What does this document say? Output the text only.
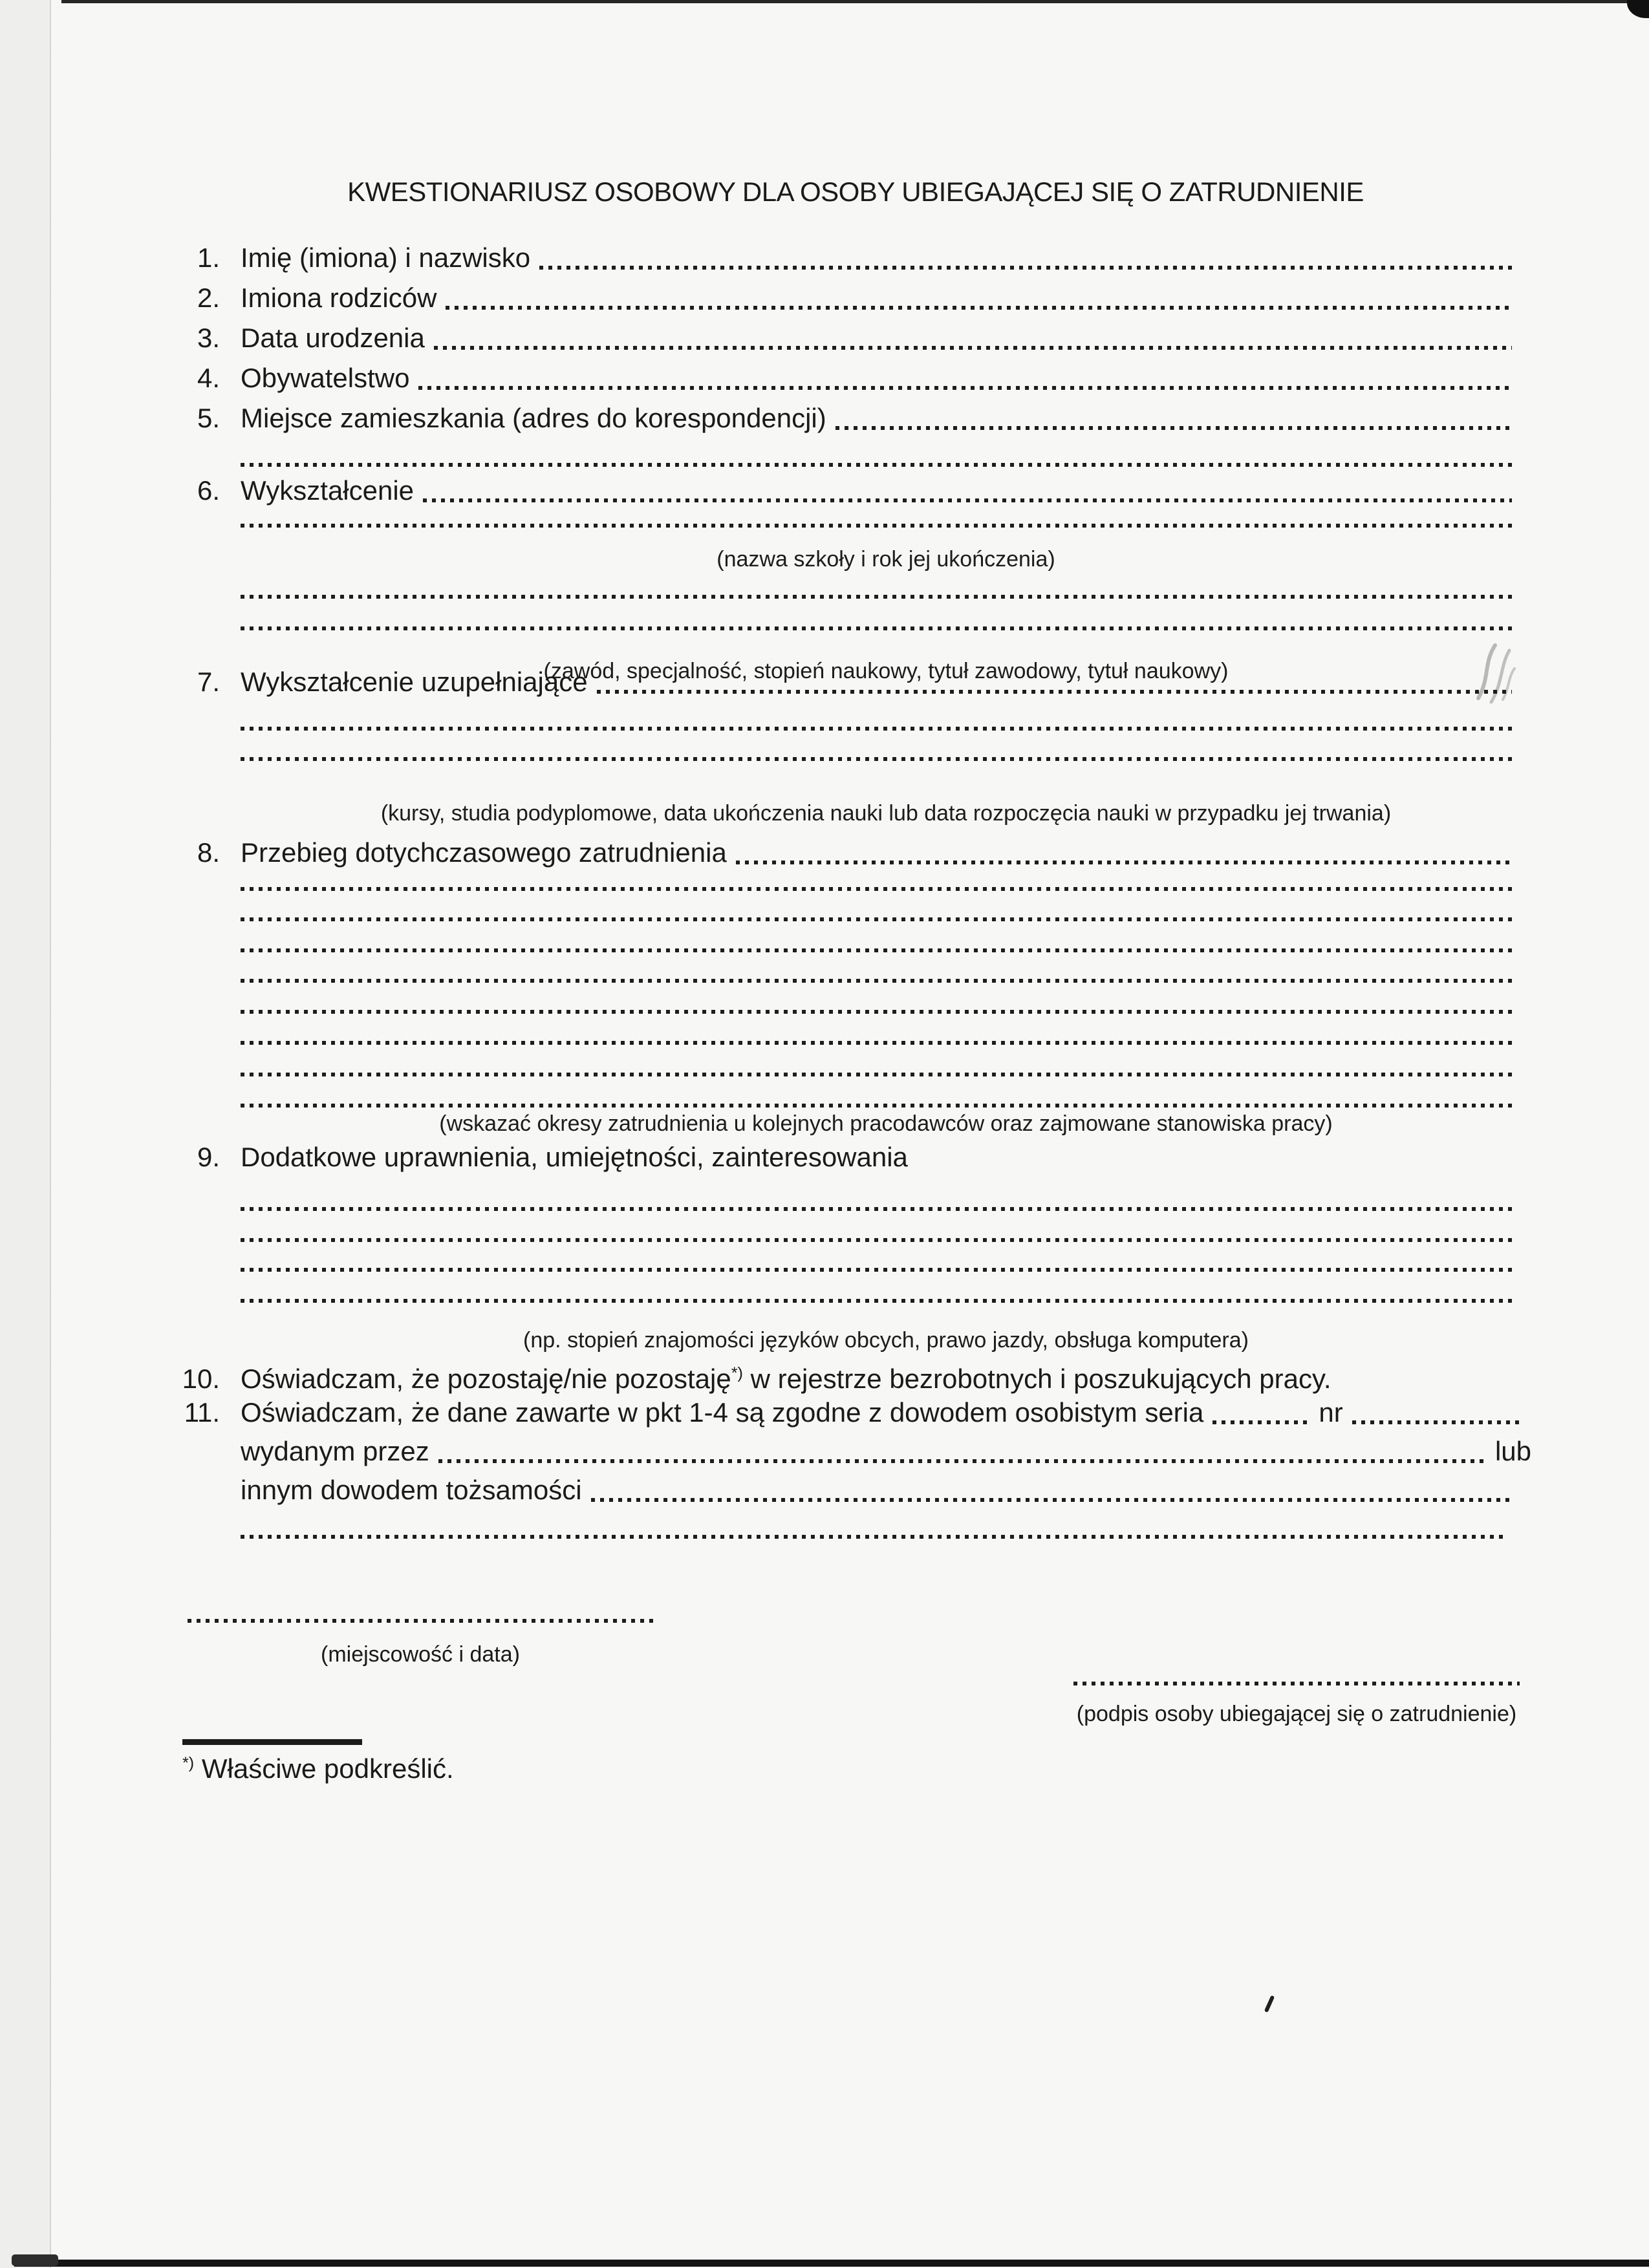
KWESTIONARIUSZ OSOBOWY DLA OSOBY UBIEGAJĄCEJ SIĘ O ZATRUDNIENIE
1. Imię (imiona) i nazwisko
2. Imiona rodziców
3. Data urodzenia
4. Obywatelstwo
5. Miejsce zamieszkania (adres do korespondencji)
6. Wykształcenie
(nazwa szkoły i rok jej ukończenia)
(zawód, specjalność, stopień naukowy, tytuł zawodowy, tytuł naukowy)
7. Wykształcenie uzupełniające
(kursy, studia podyplomowe, data ukończenia nauki lub data rozpoczęcia nauki w przypadku jej trwania)
8. Przebieg dotychczasowego zatrudnienia
(wskazać okresy zatrudnienia u kolejnych pracodawców oraz zajmowane stanowiska pracy)
9. Dodatkowe uprawnienia, umiejętności, zainteresowania
(np. stopień znajomości języków obcych, prawo jazdy, obsługa komputera)
10. Oświadczam, że pozostaję/nie pozostaję*) w rejestrze bezrobotnych i poszukujących pracy.
11. Oświadczam, że dane zawarte w pkt 1-4 są zgodne z dowodem osobistym seria	nr
wydanym przez	lub
innym dowodem tożsamości
(miejscowość i data)
(podpis osoby ubiegającej się o zatrudnienie)
*) Właściwe podkreślić.
